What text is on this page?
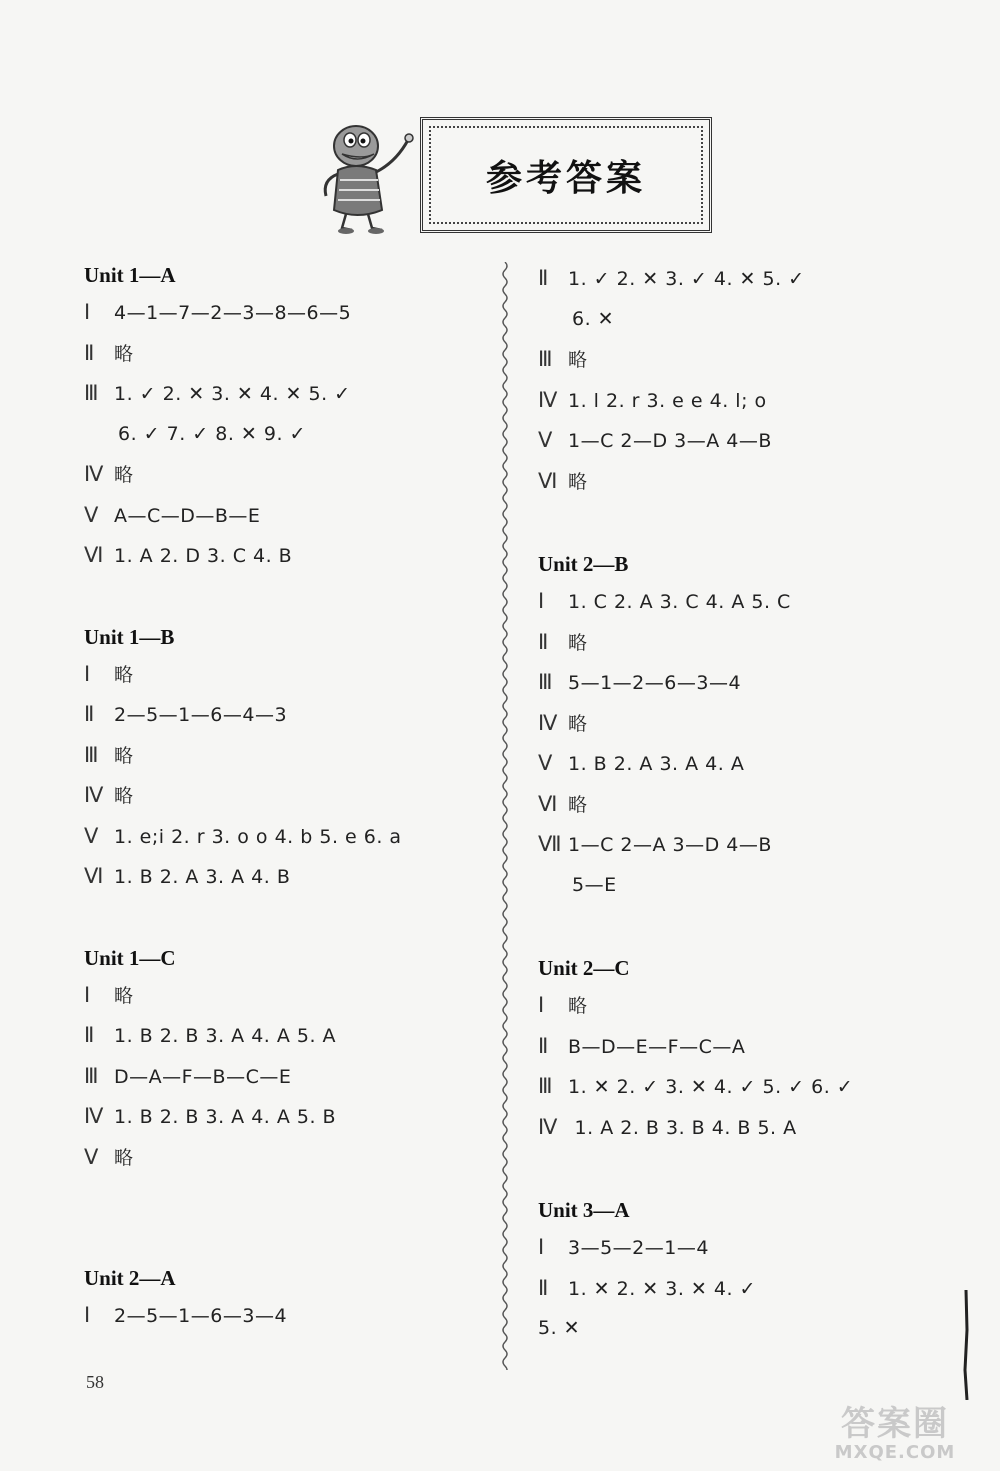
参考答案
Unit 1—A
Ⅰ 4—1—7—2—3—8—6—5
Ⅱ 略
Ⅲ 1. ✓ 2. ✕ 3. ✕ 4. ✕ 5. ✓
6. ✓ 7. ✓ 8. ✕ 9. ✓
Ⅳ 略
Ⅴ A—C—D—B—E
Ⅵ 1. A 2. D 3. C 4. B
Unit 1—B
Ⅰ 略
Ⅱ 2—5—1—6—4—3
Ⅲ 略
Ⅳ 略
Ⅴ 1. e;i 2. r 3. o o 4. b 5. e 6. a
Ⅵ 1. B 2. A 3. A 4. B
Unit 1—C
Ⅰ 略
Ⅱ 1. B 2. B 3. A 4. A 5. A
Ⅲ D—A—F—B—C—E
Ⅳ 1. B 2. B 3. A 4. A 5. B
Ⅴ 略
Unit 2—A
Ⅰ 2—5—1—6—3—4
Ⅱ 1. ✓ 2. ✕ 3. ✓ 4. ✕ 5. ✓
6. ✕
Ⅲ 略
Ⅳ 1. l 2. r 3. e e 4. l; o
Ⅴ 1—C 2—D 3—A 4—B
Ⅵ 略
Unit 2—B
Ⅰ 1. C 2. A 3. C 4. A 5. C
Ⅱ 略
Ⅲ 5—1—2—6—3—4
Ⅳ 略
Ⅴ 1. B 2. A 3. A 4. A
Ⅵ 略
Ⅶ 1—C 2—A 3—D 4—B
5—E
Unit 2—C
Ⅰ 略
Ⅱ B—D—E—F—C—A
Ⅲ 1. ✕ 2. ✓ 3. ✕ 4. ✓ 5. ✓ 6. ✓
Ⅳ 1. A 2. B 3. B 4. B 5. A
Unit 3—A
Ⅰ 3—5—2—1—4
Ⅱ 1. ✕ 2. ✕ 3. ✕ 4. ✓
5. ✕
58
答案圈
MXQE.COM
